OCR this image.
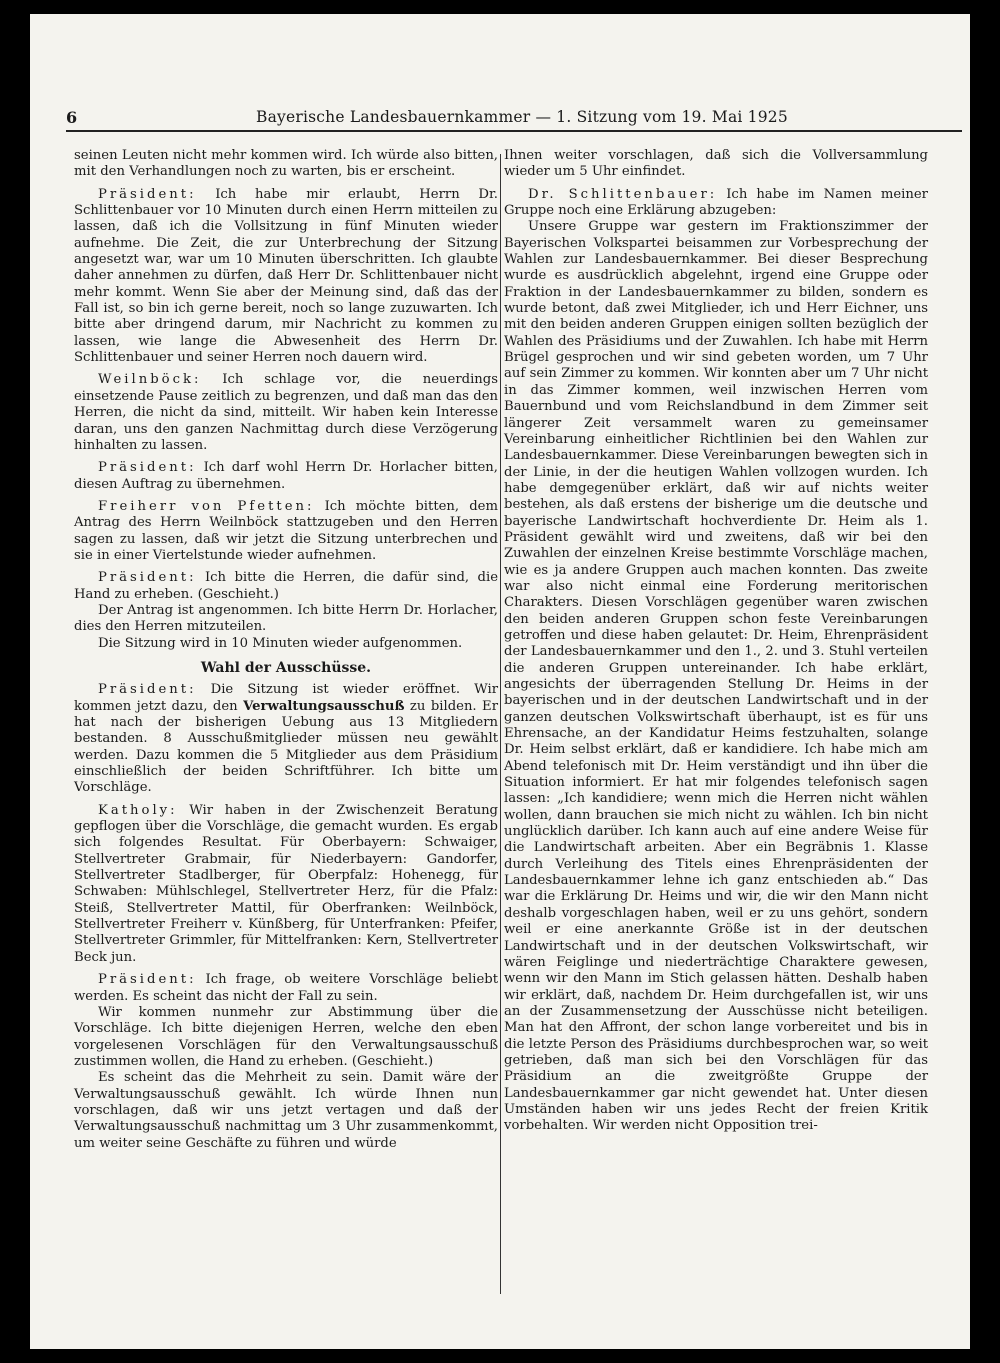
6	Bayerische Landesbauernkammer — 1. Sitzung vom 19. Mai 1925

seinen Leuten nicht mehr kommen wird. Ich würde also bitten, mit den Verhandlungen noch zu warten, bis er erscheint.

Präsident: Ich habe mir erlaubt, Herrn Dr. Schlittenbauer vor 10 Minuten durch einen Herrn mitteilen zu lassen, daß ich die Vollsitzung in fünf Minuten wieder aufnehme. Die Zeit, die zur Unterbrechung der Sitzung angesetzt war, war um 10 Minuten überschritten. Ich glaubte daher annehmen zu dürfen, daß Herr Dr. Schlittenbauer nicht mehr kommt. Wenn Sie aber der Meinung sind, daß das der Fall ist, so bin ich gerne bereit, noch so lange zuzuwarten. Ich bitte aber dringend darum, mir Nachricht zu kommen zu lassen, wie lange die Abwesenheit des Herrn Dr. Schlittenbauer und seiner Herren noch dauern wird.

Weilnböck: Ich schlage vor, die neuerdings einsetzende Pause zeitlich zu begrenzen, und daß man das den Herren, die nicht da sind, mitteilt. Wir haben kein Interesse daran, uns den ganzen Nachmittag durch diese Verzögerung hinhalten zu lassen.

Präsident: Ich darf wohl Herrn Dr. Horlacher bitten, diesen Auftrag zu übernehmen.

Freiherr von Pfetten: Ich möchte bitten, dem Antrag des Herrn Weilnböck stattzugeben und den Herren sagen zu lassen, daß wir jetzt die Sitzung unterbrechen und sie in einer Viertelstunde wieder aufnehmen.

Präsident: Ich bitte die Herren, die dafür sind, die Hand zu erheben. (Geschieht.)

Der Antrag ist angenommen. Ich bitte Herrn Dr. Horlacher, dies den Herren mitzuteilen.

Die Sitzung wird in 10 Minuten wieder aufgenommen.

Wahl der Ausschüsse.

Präsident: Die Sitzung ist wieder eröffnet. Wir kommen jetzt dazu, den Verwaltungsausschuß zu bilden. Er hat nach der bisherigen Uebung aus 13 Mitgliedern bestanden. 8 Ausschußmitglieder müssen neu gewählt werden. Dazu kommen die 5 Mitglieder aus dem Präsidium einschließlich der beiden Schriftführer. Ich bitte um Vorschläge.

Katholy: Wir haben in der Zwischenzeit Beratung gepflogen über die Vorschläge, die gemacht wurden. Es ergab sich folgendes Resultat. Für Oberbayern: Schwaiger, Stellvertreter Grabmair, für Niederbayern: Gandorfer, Stellvertreter Stadlberger, für Oberpfalz: Hohenegg, für Schwaben: Mühlschlegel, Stellvertreter Herz, für die Pfalz: Steiß, Stellvertreter Mattil, für Oberfranken: Weilnböck, Stellvertreter Freiherr v. Künßberg, für Unterfranken: Pfeifer, Stellvertreter Grimmler, für Mittelfranken: Kern, Stellvertreter Beck jun.

Präsident: Ich frage, ob weitere Vorschläge beliebt werden. Es scheint das nicht der Fall zu sein.

Wir kommen nunmehr zur Abstimmung über die Vorschläge. Ich bitte diejenigen Herren, welche den eben vorgelesenen Vorschlägen für den Verwaltungsausschuß zustimmen wollen, die Hand zu erheben. (Geschieht.)

Es scheint das die Mehrheit zu sein. Damit wäre der Verwaltungsausschuß gewählt. Ich würde Ihnen nun vorschlagen, daß wir uns jetzt vertagen und daß der Verwaltungsausschuß nachmittag um 3 Uhr zusammenkommt, um weiter seine Geschäfte zu führen und würde

Ihnen weiter vorschlagen, daß sich die Vollversammlung wieder um 5 Uhr einfindet.

Dr. Schlittenbauer: Ich habe im Namen meiner Gruppe noch eine Erklärung abzugeben:

Unsere Gruppe war gestern im Fraktionszimmer der Bayerischen Volkspartei beisammen zur Vorbesprechung der Wahlen zur Landesbauernkammer. Bei dieser Besprechung wurde es ausdrücklich abgelehnt, irgend eine Gruppe oder Fraktion in der Landesbauernkammer zu bilden, sondern es wurde betont, daß zwei Mitglieder, ich und Herr Eichner, uns mit den beiden anderen Gruppen einigen sollten bezüglich der Wahlen des Präsidiums und der Zuwahlen. Ich habe mit Herrn Brügel gesprochen und wir sind gebeten worden, um 7 Uhr auf sein Zimmer zu kommen. Wir konnten aber um 7 Uhr nicht in das Zimmer kommen, weil inzwischen Herren vom Bauernbund und vom Reichslandbund in dem Zimmer seit längerer Zeit versammelt waren zu gemeinsamer Vereinbarung einheitlicher Richtlinien bei den Wahlen zur Landesbauernkammer. Diese Vereinbarungen bewegten sich in der Linie, in der die heutigen Wahlen vollzogen wurden. Ich habe demgegenüber erklärt, daß wir auf nichts weiter bestehen, als daß erstens der bisherige um die deutsche und bayerische Landwirtschaft hochverdiente Dr. Heim als 1. Präsident gewählt wird und zweitens, daß wir bei den Zuwahlen der einzelnen Kreise bestimmte Vorschläge machen, wie es ja andere Gruppen auch machen konnten. Das zweite war also nicht einmal eine Forderung meritorischen Charakters. Diesen Vorschlägen gegenüber waren zwischen den beiden anderen Gruppen schon feste Vereinbarungen getroffen und diese haben gelautet: Dr. Heim, Ehrenpräsident der Landesbauernkammer und den 1., 2. und 3. Stuhl verteilen die anderen Gruppen untereinander. Ich habe erklärt, angesichts der überragenden Stellung Dr. Heims in der bayerischen und in der deutschen Landwirtschaft und in der ganzen deutschen Volkswirtschaft überhaupt, ist es für uns Ehrensache, an der Kandidatur Heims festzuhalten, solange Dr. Heim selbst erklärt, daß er kandidiere. Ich habe mich am Abend telefonisch mit Dr. Heim verständigt und ihn über die Situation informiert. Er hat mir folgendes telefonisch sagen lassen: „Ich kandidiere; wenn mich die Herren nicht wählen wollen, dann brauchen sie mich nicht zu wählen. Ich bin nicht unglücklich darüber. Ich kann auch auf eine andere Weise für die Landwirtschaft arbeiten. Aber ein Begräbnis 1. Klasse durch Verleihung des Titels eines Ehrenpräsidenten der Landesbauernkammer lehne ich ganz entschieden ab.“ Das war die Erklärung Dr. Heims und wir, die wir den Mann nicht deshalb vorgeschlagen haben, weil er zu uns gehört, sondern weil er eine anerkannte Größe ist in der deutschen Landwirtschaft und in der deutschen Volkswirtschaft, wir wären Feiglinge und niederträchtige Charaktere gewesen, wenn wir den Mann im Stich gelassen hätten. Deshalb haben wir erklärt, daß, nachdem Dr. Heim durchgefallen ist, wir uns an der Zusammensetzung der Ausschüsse nicht beteiligen. Man hat den Affront, der schon lange vorbereitet und bis in die letzte Person des Präsidiums durchbesprochen war, so weit getrieben, daß man sich bei den Vorschlägen für das Präsidium an die zweitgrößte Gruppe der Landesbauernkammer gar nicht gewendet hat. Unter diesen Umständen haben wir uns jedes Recht der freien Kritik vorbehalten. Wir werden nicht Opposition trei-
